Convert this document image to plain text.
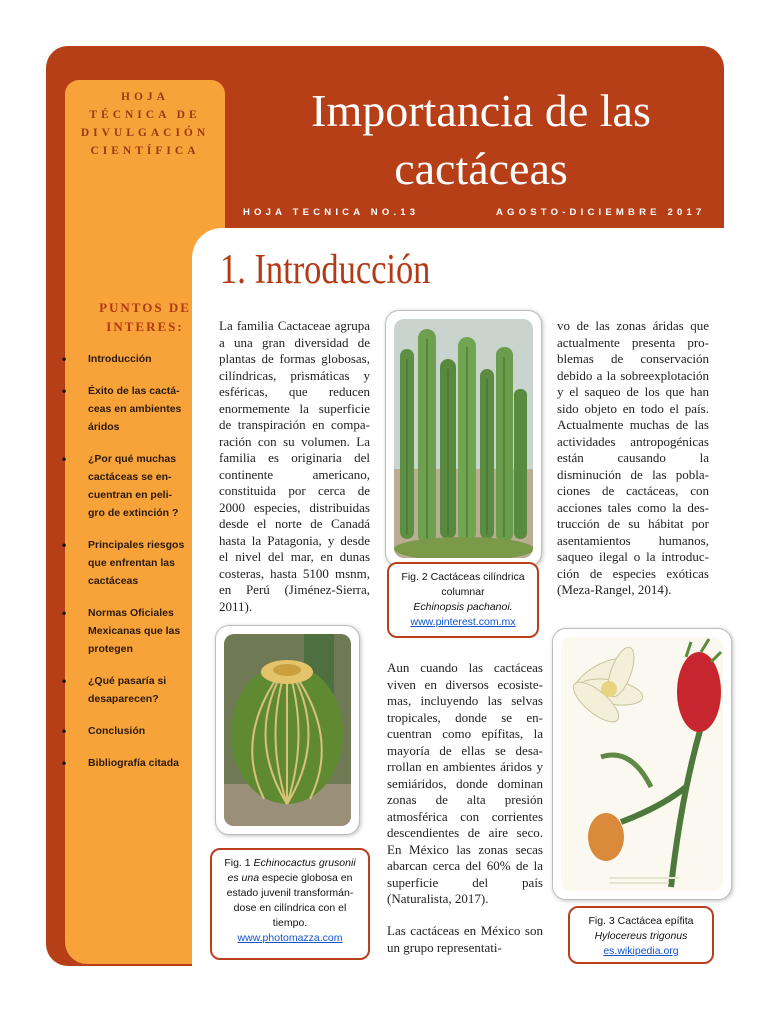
HOJA
TÉCNICA DE
DIVULGACIÓN
CIENTÍFICA
Importancia de las
cactáceas
HOJA TECNICA NO.13	AGOSTO-DICIEMBRE 2017
1. Introducción
PUNTOS DE
INTERES:
• Introducción
• Éxito de las cactá-
ceas en ambientes
áridos
• ¿Por qué muchas
cactáceas se en-
cuentran en peli-
gro de extinción ?
• Principales riesgos
que enfrentan las
cactáceas
• Normas Oficiales
Mexicanas que las
protegen
• ¿Qué pasaría si
desaparecen?
• Conclusión
• Bibliografía citada

La familia Cactaceae agrupa a una gran diversidad de plantas de formas globosas, cilíndricas, prismáticas y esféricas, que reducen enormemente la superficie de transpiración en comparación con su volumen. La familia es originaria del continente americano, constituida por cerca de 2000 especies, distribuidas desde el norte de Canadá hasta la Patagonia, y desde el nivel del mar, en dunas costeras, hasta 5100 msnm, en Perú (Jiménez-Sierra, 2011).

Aun cuando las cactáceas viven en diversos ecosistemas, incluyendo las selvas tropicales, donde se encuentran como epífitas, la mayoría de ellas se desarrollan en ambientes áridos y semiáridos, donde dominan zonas de alta presión atmosférica con corrientes descendientes de aire seco. En México las zonas secas abarcan cerca del 60% de la superficie del país (Naturalista, 2017).

Las cactáceas en México son un grupo representati-

vo de las zonas áridas que actualmente presenta problemas de conservación debido a la sobreexplotación y el saqueo de los que han sido objeto en todo el país. Actualmente muchas de las actividades antropogénicas están causando la disminución de las poblaciones de cactáceas, con acciones tales como la destrucción de su hábitat por asentamientos humanos, saqueo ilegal o la introducción de especies exóticas (Meza-Rangel, 2014).

Fig. 2 Cactáceas cilíndrica columnar
Echinopsis pachanoi.
www.pinterest.com.mx
Fig. 1 Echinocactus grusonii es una especie globosa en estado juvenil transformándose en cilíndrica con el tiempo.
www.photomazza.com
Fig. 3 Cactácea epífita
Hylocereus trigonus
es.wikipedia.org
